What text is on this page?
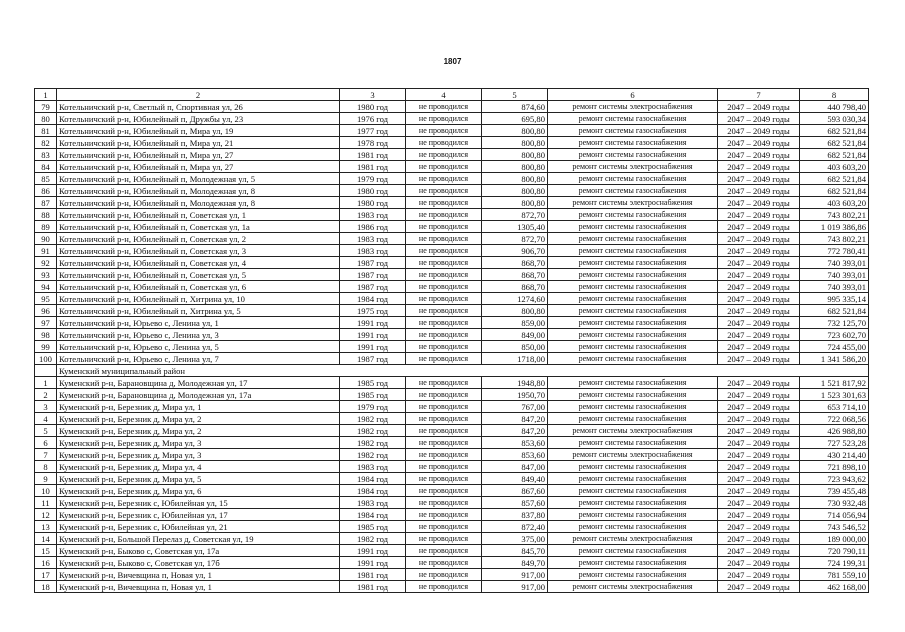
1807
1	2	3	4	5	6	7	8
79	Котельничский р-н, Светлый п, Спортивная ул, 26	1980 год	не проводился	874,60	ремонт системы электроснабжения	2047 – 2049 годы	440 798,40
80	Котельничский р-н, Юбилейный п, Дружбы ул, 23	1976 год	не проводился	695,80	ремонт системы газоснабжения	2047 – 2049 годы	593 030,34
81	Котельничский р-н, Юбилейный п, Мира ул, 19	1977 год	не проводился	800,80	ремонт системы газоснабжения	2047 – 2049 годы	682 521,84
82	Котельничский р-н, Юбилейный п, Мира ул, 21	1978 год	не проводился	800,80	ремонт системы газоснабжения	2047 – 2049 годы	682 521,84
83	Котельничский р-н, Юбилейный п, Мира ул, 27	1981 год	не проводился	800,80	ремонт системы газоснабжения	2047 – 2049 годы	682 521,84
84	Котельничский р-н, Юбилейный п, Мира ул, 27	1981 год	не проводился	800,80	ремонт системы электроснабжения	2047 – 2049 годы	403 603,20
85	Котельничский р-н, Юбилейный п, Молодежная ул, 5	1979 год	не проводился	800,80	ремонт системы газоснабжения	2047 – 2049 годы	682 521,84
86	Котельничский р-н, Юбилейный п, Молодежная ул, 8	1980 год	не проводился	800,80	ремонт системы газоснабжения	2047 – 2049 годы	682 521,84
87	Котельничский р-н, Юбилейный п, Молодежная ул, 8	1980 год	не проводился	800,80	ремонт системы электроснабжения	2047 – 2049 годы	403 603,20
88	Котельничский р-н, Юбилейный п, Советская ул, 1	1983 год	не проводился	872,70	ремонт системы газоснабжения	2047 – 2049 годы	743 802,21
89	Котельничский р-н, Юбилейный п, Советская ул, 1а	1986 год	не проводился	1305,40	ремонт системы газоснабжения	2047 – 2049 годы	1 019 386,86
90	Котельничский р-н, Юбилейный п, Советская ул, 2	1983 год	не проводился	872,70	ремонт системы газоснабжения	2047 – 2049 годы	743 802,21
91	Котельничский р-н, Юбилейный п, Советская ул, 3	1983 год	не проводился	906,70	ремонт системы газоснабжения	2047 – 2049 годы	772 780,41
92	Котельничский р-н, Юбилейный п, Советская ул, 4	1987 год	не проводился	868,70	ремонт системы газоснабжения	2047 – 2049 годы	740 393,01
93	Котельничский р-н, Юбилейный п, Советская ул, 5	1987 год	не проводился	868,70	ремонт системы газоснабжения	2047 – 2049 годы	740 393,01
94	Котельничский р-н, Юбилейный п, Советская ул, 6	1987 год	не проводился	868,70	ремонт системы газоснабжения	2047 – 2049 годы	740 393,01
95	Котельничский р-н, Юбилейный п, Хитрина ул, 10	1984 год	не проводился	1274,60	ремонт системы газоснабжения	2047 – 2049 годы	995 335,14
96	Котельничский р-н, Юбилейный п, Хитрина ул, 5	1975 год	не проводился	800,80	ремонт системы газоснабжения	2047 – 2049 годы	682 521,84
97	Котельничский р-н, Юрьево с, Ленина ул, 1	1991 год	не проводился	859,00	ремонт системы газоснабжения	2047 – 2049 годы	732 125,70
98	Котельничский р-н, Юрьево с, Ленина ул, 3	1991 год	не проводился	849,00	ремонт системы газоснабжения	2047 – 2049 годы	723 602,70
99	Котельничский р-н, Юрьево с, Ленина ул, 5	1991 год	не проводился	850,00	ремонт системы газоснабжения	2047 – 2049 годы	724 455,00
100	Котельничский р-н, Юрьево с, Ленина ул, 7	1987 год	не проводился	1718,00	ремонт системы газоснабжения	2047 – 2049 годы	1 341 586,20
	Куменский муниципальный район						
1	Куменский р-н, Барановщина д, Молодежная ул, 17	1985 год	не проводился	1948,80	ремонт системы газоснабжения	2047 – 2049 годы	1 521 817,92
2	Куменский р-н, Барановщина д, Молодежная ул, 17а	1985 год	не проводился	1950,70	ремонт системы газоснабжения	2047 – 2049 годы	1 523 301,63
3	Куменский р-н, Березник д, Мира ул, 1	1979 год	не проводился	767,00	ремонт системы газоснабжения	2047 – 2049 годы	653 714,10
4	Куменский р-н, Березник д, Мира ул, 2	1982 год	не проводился	847,20	ремонт системы газоснабжения	2047 – 2049 годы	722 068,56
5	Куменский р-н, Березник д, Мира ул, 2	1982 год	не проводился	847,20	ремонт системы электроснабжения	2047 – 2049 годы	426 988,80
6	Куменский р-н, Березник д, Мира ул, 3	1982 год	не проводился	853,60	ремонт системы газоснабжения	2047 – 2049 годы	727 523,28
7	Куменский р-н, Березник д, Мира ул, 3	1982 год	не проводился	853,60	ремонт системы электроснабжения	2047 – 2049 годы	430 214,40
8	Куменский р-н, Березник д, Мира ул, 4	1983 год	не проводился	847,00	ремонт системы газоснабжения	2047 – 2049 годы	721 898,10
9	Куменский р-н, Березник д, Мира ул, 5	1984 год	не проводился	849,40	ремонт системы газоснабжения	2047 – 2049 годы	723 943,62
10	Куменский р-н, Березник д, Мира ул, 6	1984 год	не проводился	867,60	ремонт системы газоснабжения	2047 – 2049 годы	739 455,48
11	Куменский р-н, Березник с, Юбилейная ул, 15	1983 год	не проводился	857,60	ремонт системы газоснабжения	2047 – 2049 годы	730 932,48
12	Куменский р-н, Березник с, Юбилейная ул, 17	1984 год	не проводился	837,80	ремонт системы газоснабжения	2047 – 2049 годы	714 056,94
13	Куменский р-н, Березник с, Юбилейная ул, 21	1985 год	не проводился	872,40	ремонт системы газоснабжения	2047 – 2049 годы	743 546,52
14	Куменский р-н, Большой Перелаз д, Советская ул, 19	1982 год	не проводился	375,00	ремонт системы электроснабжения	2047 – 2049 годы	189 000,00
15	Куменский р-н, Быково с, Советская ул, 17а	1991 год	не проводился	845,70	ремонт системы газоснабжения	2047 – 2049 годы	720 790,11
16	Куменский р-н, Быково с, Советская ул, 17б	1991 год	не проводился	849,70	ремонт системы газоснабжения	2047 – 2049 годы	724 199,31
17	Куменский р-н, Вичевщина п, Новая ул, 1	1981 год	не проводился	917,00	ремонт системы газоснабжения	2047 – 2049 годы	781 559,10
18	Куменский р-н, Вичевщина п, Новая ул, 1	1981 год	не проводился	917,00	ремонт системы электроснабжения	2047 – 2049 годы	462 168,00
